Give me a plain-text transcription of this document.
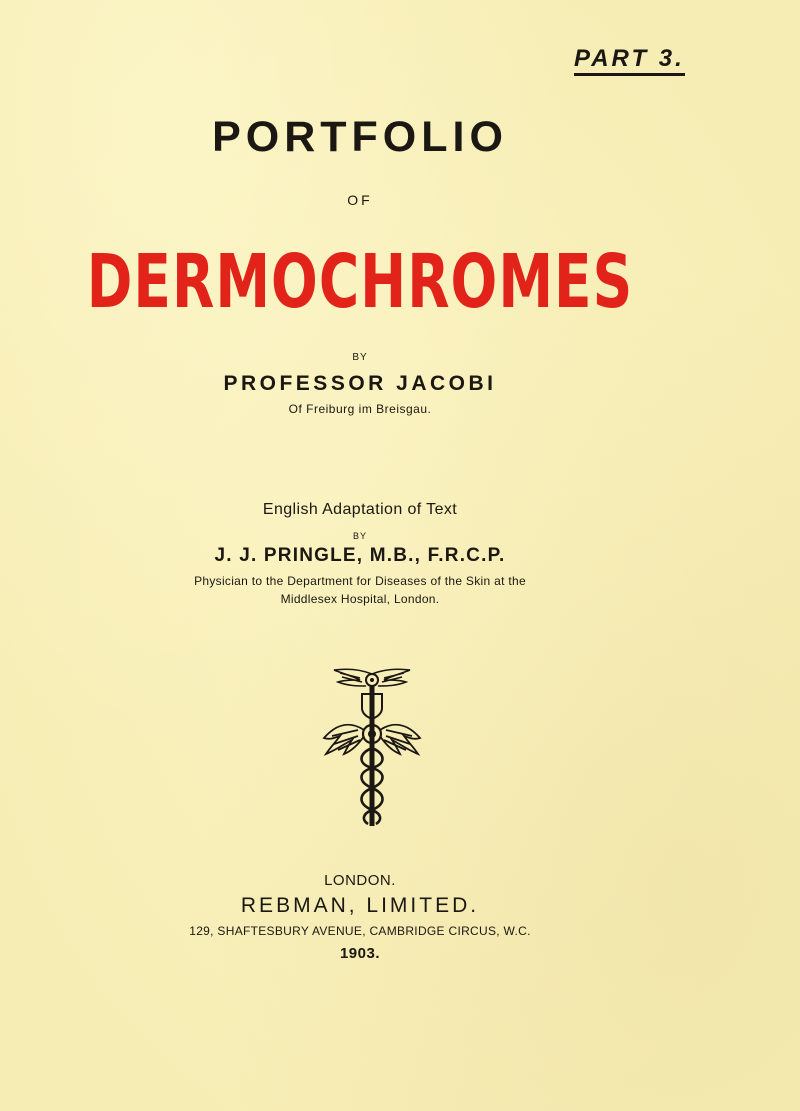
PART 3.
PORTFOLIO
OF
DERMOCHROMES
BY
PROFESSOR JACOBI
Of Freiburg im Breisgau.
English Adaptation of Text
BY
J. J. PRINGLE, M.B., F.R.C.P.
Physician to the Department for Diseases of the Skin at the
Middlesex Hospital, London.
LONDON.
REBMAN, LIMITED.
129, SHAFTESBURY AVENUE, CAMBRIDGE CIRCUS, W.C.
1903.
